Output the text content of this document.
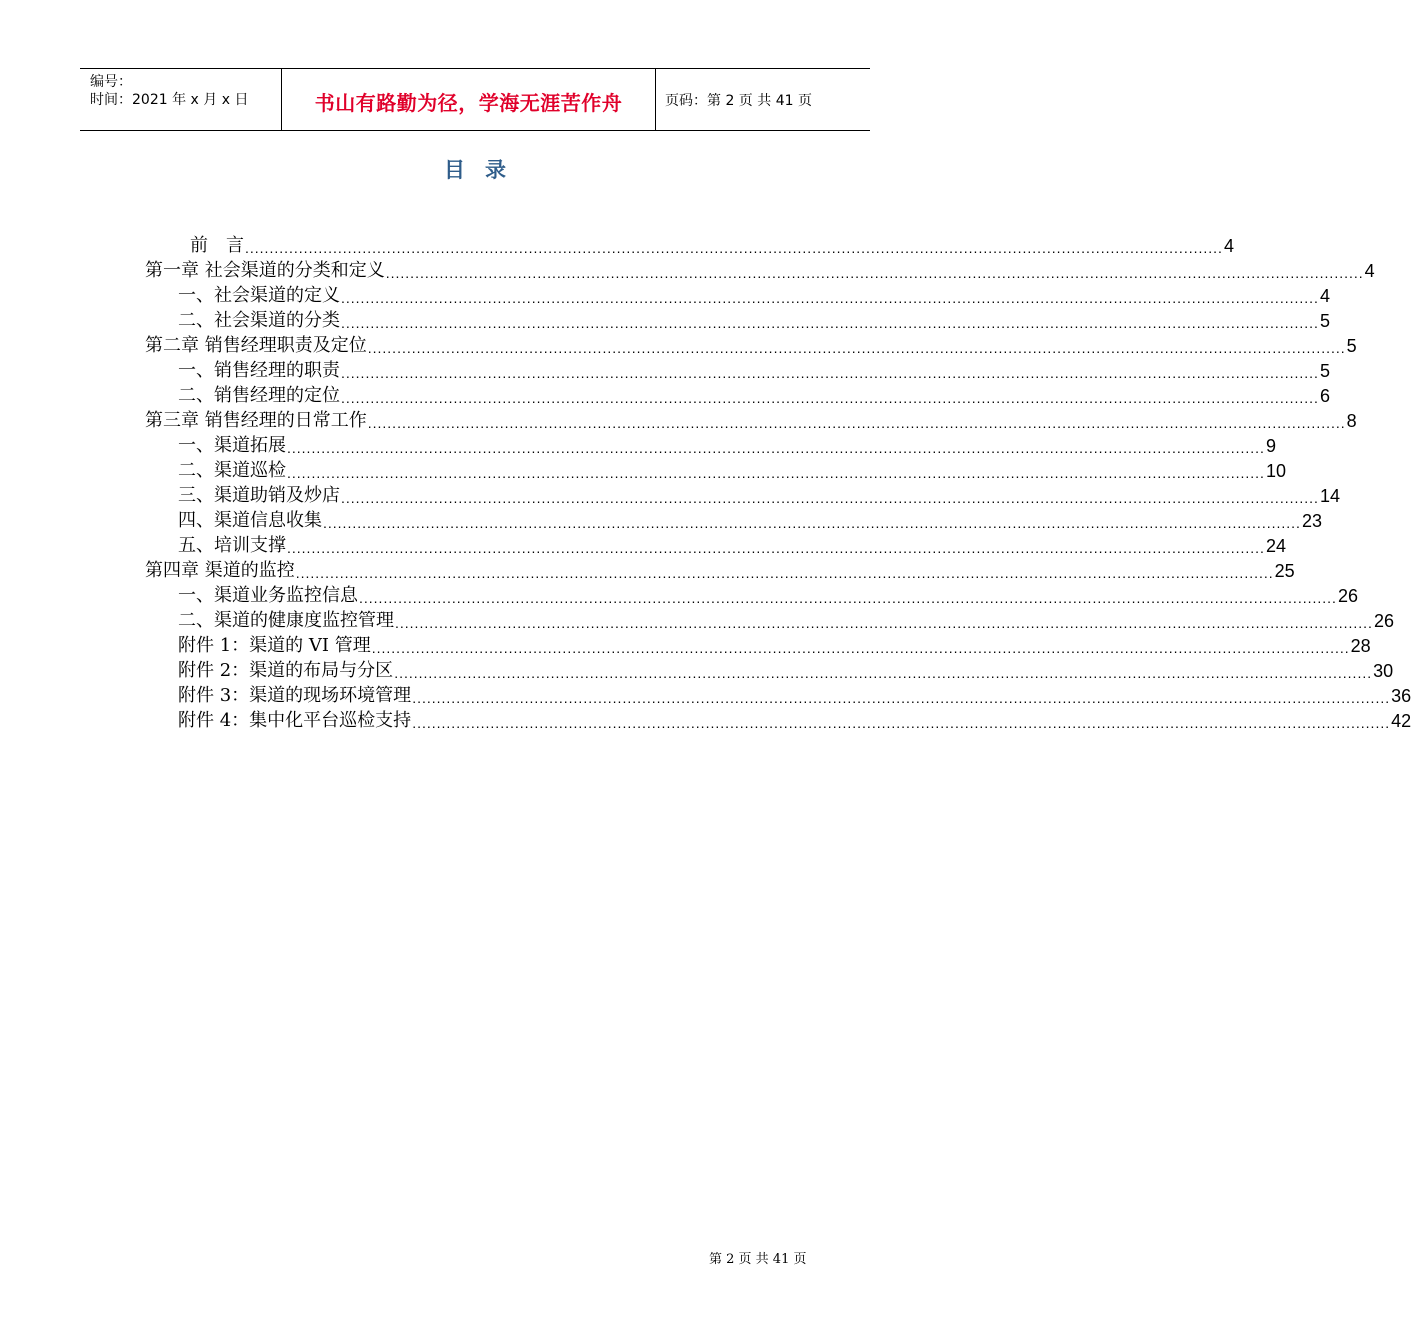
编号：
时间：2021 年 x 月 x 日	书山有路勤为径，学海无涯苦作舟	页码：第 2 页 共 41 页
目录
前　言 ........................................................................................................................................................................................................ 4
第一章 社会渠道的分类和定义 ........................................................................................................................................................................................................ 4
一、社会渠道的定义 ........................................................................................................................................................................................................ 4
二、社会渠道的分类 ........................................................................................................................................................................................................ 5
第二章 销售经理职责及定位 ........................................................................................................................................................................................................ 5
一、销售经理的职责 ........................................................................................................................................................................................................ 5
二、销售经理的定位 ........................................................................................................................................................................................................ 6
第三章 销售经理的日常工作 ........................................................................................................................................................................................................ 8
一、渠道拓展 ........................................................................................................................................................................................................ 9
二、渠道巡检 ........................................................................................................................................................................................................ 10
三、渠道助销及炒店 ........................................................................................................................................................................................................ 14
四、渠道信息收集 ........................................................................................................................................................................................................ 23
五、培训支撑 ........................................................................................................................................................................................................ 24
第四章 渠道的监控 ........................................................................................................................................................................................................ 25
一、渠道业务监控信息 ........................................................................................................................................................................................................ 26
二、渠道的健康度监控管理 ........................................................................................................................................................................................................ 26
附件 1：渠道的 VI 管理 ........................................................................................................................................................................................................ 28
附件 2：渠道的布局与分区 ........................................................................................................................................................................................................ 30
附件 3：渠道的现场环境管理 ........................................................................................................................................................................................................ 36
附件 4：集中化平台巡检支持 ........................................................................................................................................................................................................ 42
第 2 页 共 41 页
